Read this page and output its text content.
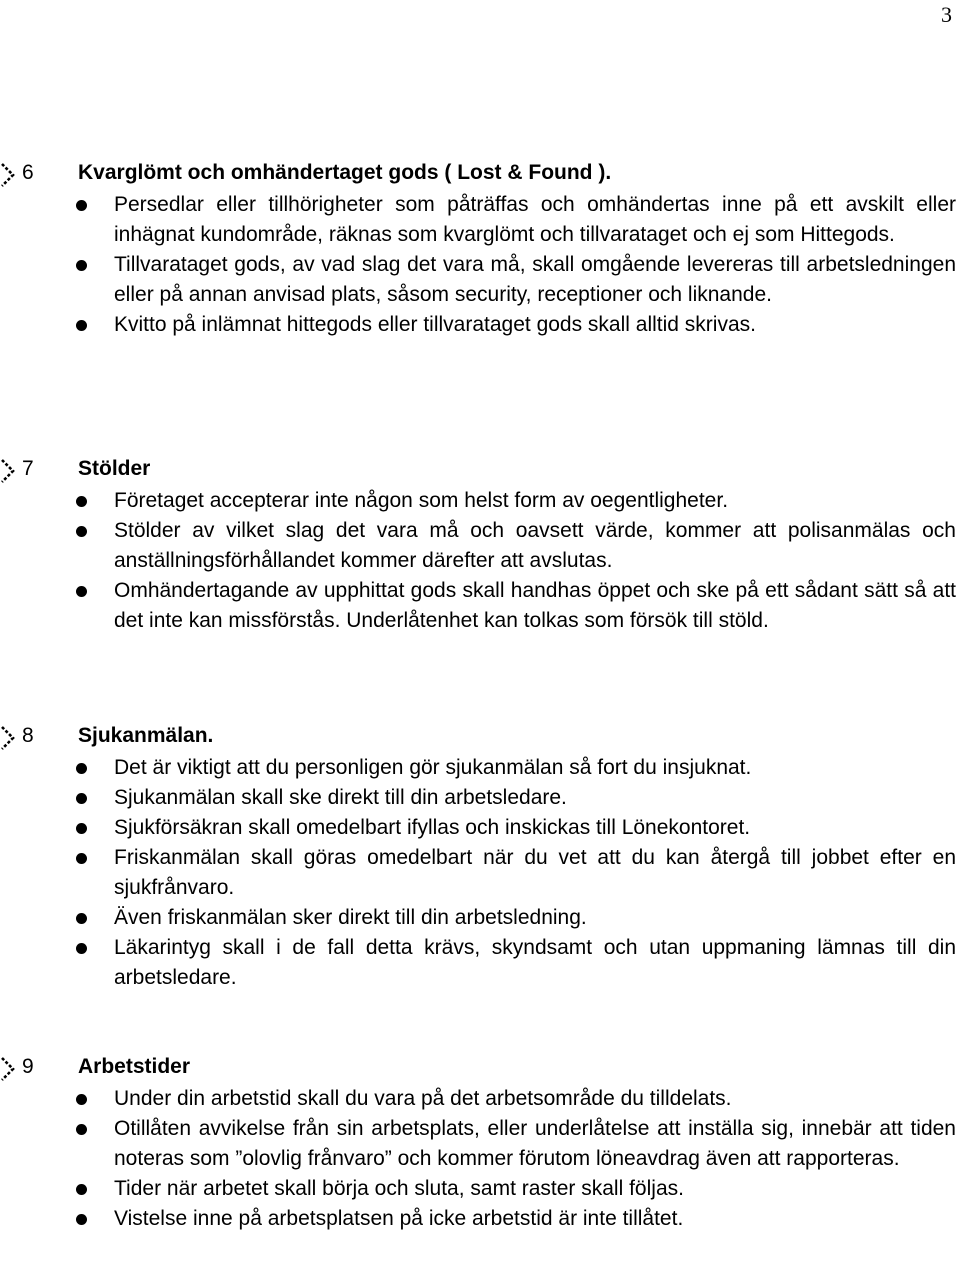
3
6 Kvarglömt och omhändertaget gods ( Lost & Found ).
Persedlar eller tillhörigheter som påträffas och omhändertas inne på ett avskilt eller inhägnat kundområde, räknas som kvarglömt och tillvarataget och ej som Hittegods.
Tillvarataget gods, av vad slag det vara må, skall omgående levereras till arbetsledningen eller på annan anvisad plats, såsom security, receptioner och liknande.
Kvitto på inlämnat hittegods eller tillvarataget gods skall alltid skrivas.
7 Stölder
Företaget accepterar inte någon som helst form av oegentligheter.
Stölder av vilket slag det vara må och oavsett värde, kommer att polisanmälas och anställningsförhållandet kommer därefter att avslutas.
Omhändertagande av upphittat gods skall handhas öppet och ske på ett sådant sätt så att det inte kan missförstås. Underlåtenhet kan tolkas som försök till stöld.
8 Sjukanmälan.
Det är viktigt att du personligen gör sjukanmälan så fort du insjuknat.
Sjukanmälan skall ske direkt till din arbetsledare.
Sjukförsäkran skall omedelbart ifyllas och inskickas till Lönekontoret.
Friskanmälan skall göras omedelbart när du vet att du kan återgå till jobbet efter en sjukfrånvaro.
Även friskanmälan sker direkt till din arbetsledning.
Läkarintyg skall i de fall detta krävs, skyndsamt och utan uppmaning lämnas till din arbetsledare.
9 Arbetstider
Under din arbetstid skall du vara på det arbetsområde du tilldelats.
Otillåten avvikelse från sin arbetsplats, eller underlåtelse att inställa sig, innebär att tiden noteras som ”olovlig frånvaro” och kommer förutom löneavdrag även att rapporteras.
Tider när arbetet skall börja och sluta, samt raster skall följas.
Vistelse inne på arbetsplatsen på icke arbetstid är inte tillåtet.
